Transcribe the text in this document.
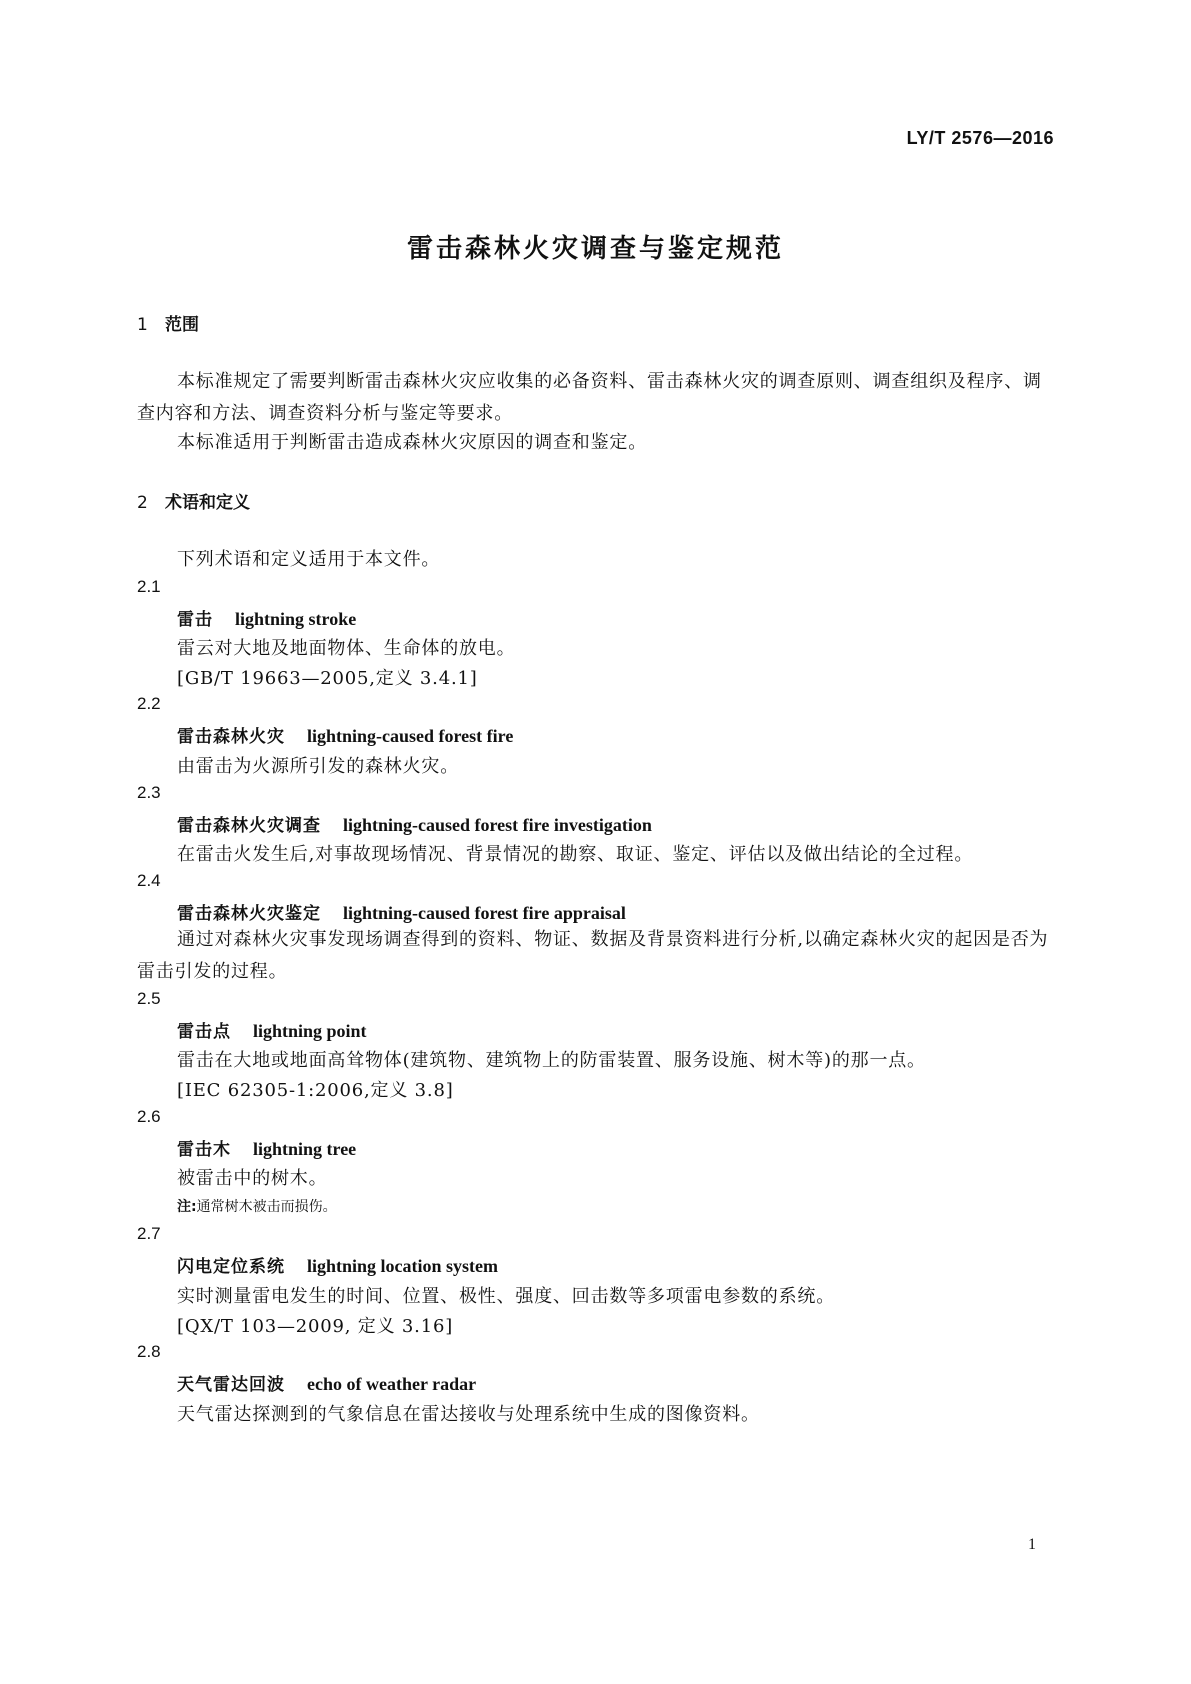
LY/T 2576—2016
雷击森林火灾调查与鉴定规范
1 范围
本标准规定了需要判断雷击森林火灾应收集的必备资料、雷击森林火灾的调查原则、调查组织及程序、调查内容和方法、调查资料分析与鉴定等要求。
本标准适用于判断雷击造成森林火灾原因的调查和鉴定。
2 术语和定义
下列术语和定义适用于本文件。
2.1
雷击 lightning stroke
雷云对大地及地面物体、生命体的放电。
[GB/T 19663—2005,定义 3.4.1]
2.2
雷击森林火灾 lightning-caused forest fire
由雷击为火源所引发的森林火灾。
2.3
雷击森林火灾调查 lightning-caused forest fire investigation
在雷击火发生后,对事故现场情况、背景情况的勘察、取证、鉴定、评估以及做出结论的全过程。
2.4
雷击森林火灾鉴定 lightning-caused forest fire appraisal
通过对森林火灾事发现场调查得到的资料、物证、数据及背景资料进行分析,以确定森林火灾的起因是否为雷击引发的过程。
2.5
雷击点 lightning point
雷击在大地或地面高耸物体(建筑物、建筑物上的防雷装置、服务设施、树木等)的那一点。
[IEC 62305-1:2006,定义 3.8]
2.6
雷击木 lightning tree
被雷击中的树木。
注:通常树木被击而损伤。
2.7
闪电定位系统 lightning location system
实时测量雷电发生的时间、位置、极性、强度、回击数等多项雷电参数的系统。
[QX/T 103—2009, 定义 3.16]
2.8
天气雷达回波 echo of weather radar
天气雷达探测到的气象信息在雷达接收与处理系统中生成的图像资料。
1
